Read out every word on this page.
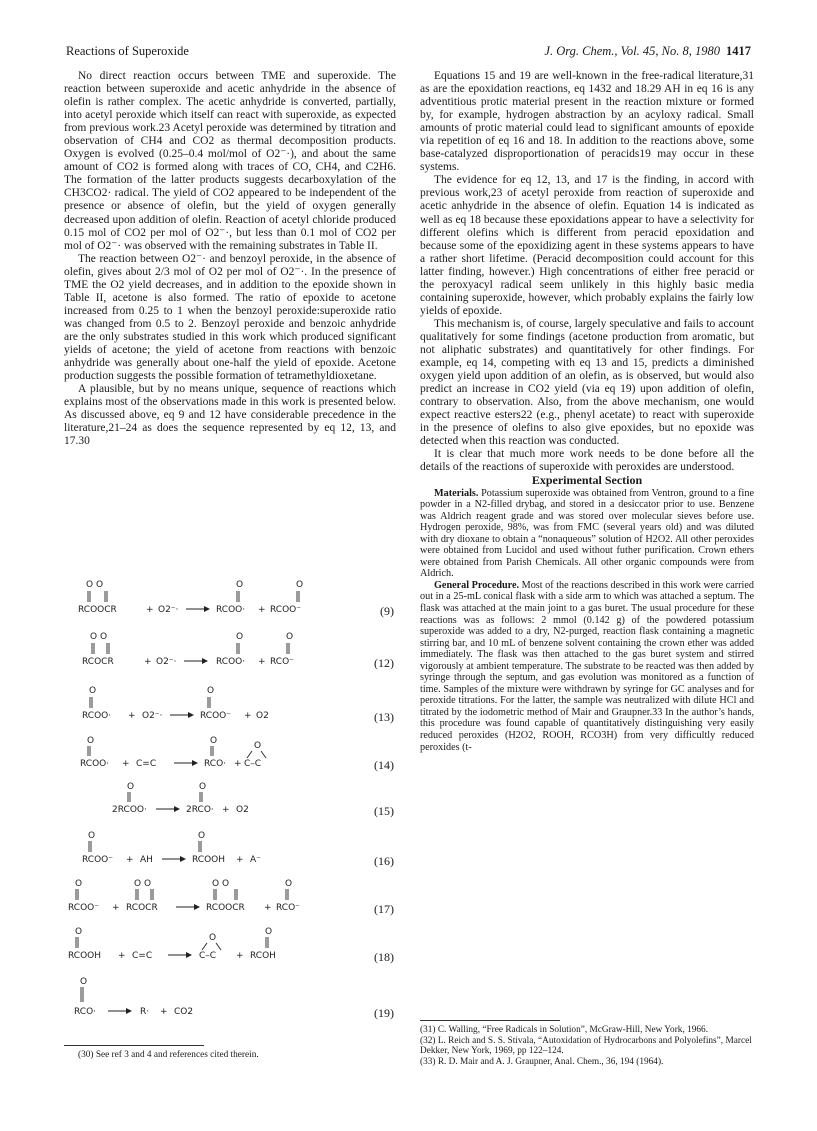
Reactions of Superoxide	J. Org. Chem., Vol. 45, No. 8, 1980 1417

No direct reaction occurs between TME and superoxide. The reaction between superoxide and acetic anhydride in the absence of olefin is rather complex. The acetic anhydride is converted, partially, into acetyl peroxide which itself can react with superoxide, as expected from previous work.23 Acetyl peroxide was determined by titration and observation of CH4 and CO2 as thermal decomposition products. Oxygen is evolved (0.25–0.4 mol/mol of O2⁻·), and about the same amount of CO2 is formed along with traces of CO, CH4, and C2H6. The formation of the latter products suggests decarboxylation of the CH3CO2· radical. The yield of CO2 appeared to be independent of the presence or absence of olefin, but the yield of oxygen generally decreased upon addition of olefin. Reaction of acetyl chloride produced 0.15 mol of CO2 per mol of O2⁻·, but less than 0.1 mol of CO2 per mol of O2⁻· was observed with the remaining substrates in Table II.

The reaction between O2⁻· and benzoyl peroxide, in the absence of olefin, gives about 2/3 mol of O2 per mol of O2⁻·. In the presence of TME the O2 yield decreases, and in addition to the epoxide shown in Table II, acetone is also formed. The ratio of epoxide to acetone increased from 0.25 to 1 when the benzoyl peroxide:superoxide ratio was changed from 0.5 to 2. Benzoyl peroxide and benzoic anhydride are the only substrates studied in this work which produced significant yields of acetone; the yield of acetone from reactions with benzoic anhydride was generally about one-half the yield of epoxide. Acetone production suggests the possible formation of tetramethyldioxetane.

A plausible, but by no means unique, sequence of reactions which explains most of the observations made in this work is presented below. As discussed above, eq 9 and 12 have considerable precedence in the literature,21–24 as does the sequence represented by eq 12, 13, and 17.30

O O
RCOOCR	+ O2⁻·
O
RCOO· +
O
RCOO⁻	(9)
O O
RCOCR	+ O2⁻·
O
RCOO· +
O
RCO⁻	(12)
O
RCOO· + O2⁻·
O
RCOO⁻ + O2	(13)
O
RCOO· + C=C
O
RCO· +
O
C–C	(14)
O
2RCOO·
O
2RCO· + O2	(15)
O
RCOO⁻ + AH
O
RCOOH + A⁻	(16)
O
RCOO⁻ +
O O
RCOCR
O O
RCOOCR +
O
RCO⁻	(17)
O
RCOOH + C=C
O
C–C +
O
RCOH	(18)
O
RCO·	R· + CO2	(19)
(30) See ref 3 and 4 and references cited therein.

Equations 15 and 19 are well-known in the free-radical literature,31 as are the epoxidation reactions, eq 1432 and 18.29 AH in eq 16 is any adventitious protic material present in the reaction mixture or formed by, for example, hydrogen abstraction by an acyloxy radical. Small amounts of protic material could lead to significant amounts of epoxide via repetition of eq 16 and 18. In addition to the reactions above, some base-catalyzed disproportionation of peracids19 may occur in these systems.

The evidence for eq 12, 13, and 17 is the finding, in accord with previous work,23 of acetyl peroxide from reaction of superoxide and acetic anhydride in the absence of olefin. Equation 14 is indicated as well as eq 18 because these epoxidations appear to have a selectivity for different olefins which is different from peracid epoxidation and because some of the epoxidizing agent in these systems appears to have a rather short lifetime. (Peracid decomposition could account for this latter finding, however.) High concentrations of either free peracid or the peroxyacyl radical seem unlikely in this highly basic media containing superoxide, however, which probably explains the fairly low yields of epoxide.

This mechanism is, of course, largely speculative and fails to account qualitatively for some findings (acetone production from aromatic, but not aliphatic substrates) and quantitatively for other findings. For example, eq 14, competing with eq 13 and 15, predicts a diminished oxygen yield upon addition of an olefin, as is observed, but would also predict an increase in CO2 yield (via eq 19) upon addition of olefin, contrary to observation. Also, from the above mechanism, one would expect reactive esters22 (e.g., phenyl acetate) to react with superoxide in the presence of olefins to also give epoxides, but no epoxide was detected when this reaction was conducted.

It is clear that much more work needs to be done before all the details of the reactions of superoxide with peroxides are understood.

Experimental Section

Materials. Potassium superoxide was obtained from Ventron, ground to a fine powder in a N2-filled drybag, and stored in a desiccator prior to use. Benzene was Aldrich reagent grade and was stored over molecular sieves before use. Hydrogen peroxide, 98%, was from FMC (several years old) and was diluted with dry dioxane to obtain a “nonaqueous” solution of H2O2. All other peroxides were obtained from Lucidol and used without futher purification. Crown ethers were obtained from Parish Chemicals. All other organic compounds were from Aldrich.

General Procedure. Most of the reactions described in this work were carried out in a 25-mL conical flask with a side arm to which was attached a septum. The flask was attached at the main joint to a gas buret. The usual procedure for these reactions was as follows: 2 mmol (0.142 g) of the powdered potassium superoxide was added to a dry, N2-purged, reaction flask containing a magnetic stirring bar, and 10 mL of benzene solvent containing the crown ether was added immediately. The flask was then attached to the gas buret system and stirred vigorously at ambient temperature. The substrate to be reacted was then added by syringe through the septum, and gas evolution was monitored as a function of time. Samples of the mixture were withdrawn by syringe for GC analyses and for peroxide titrations. For the latter, the sample was neutralized with dilute HCl and titrated by the iodometric method of Mair and Graupner.33 In the author’s hands, this procedure was found capable of quantitatively distinguishing very easily reduced peroxides (H2O2, ROOH, RCO3H) from very difficultly reduced peroxides (t-

(31) C. Walling, “Free Radicals in Solution”, McGraw-Hill, New York, 1966.

(32) L. Reich and S. S. Stivala, “Autoxidation of Hydrocarbons and Polyolefins”, Marcel Dekker, New York, 1969, pp 122–124.

(33) R. D. Mair and A. J. Graupner, Anal. Chem., 36, 194 (1964).
